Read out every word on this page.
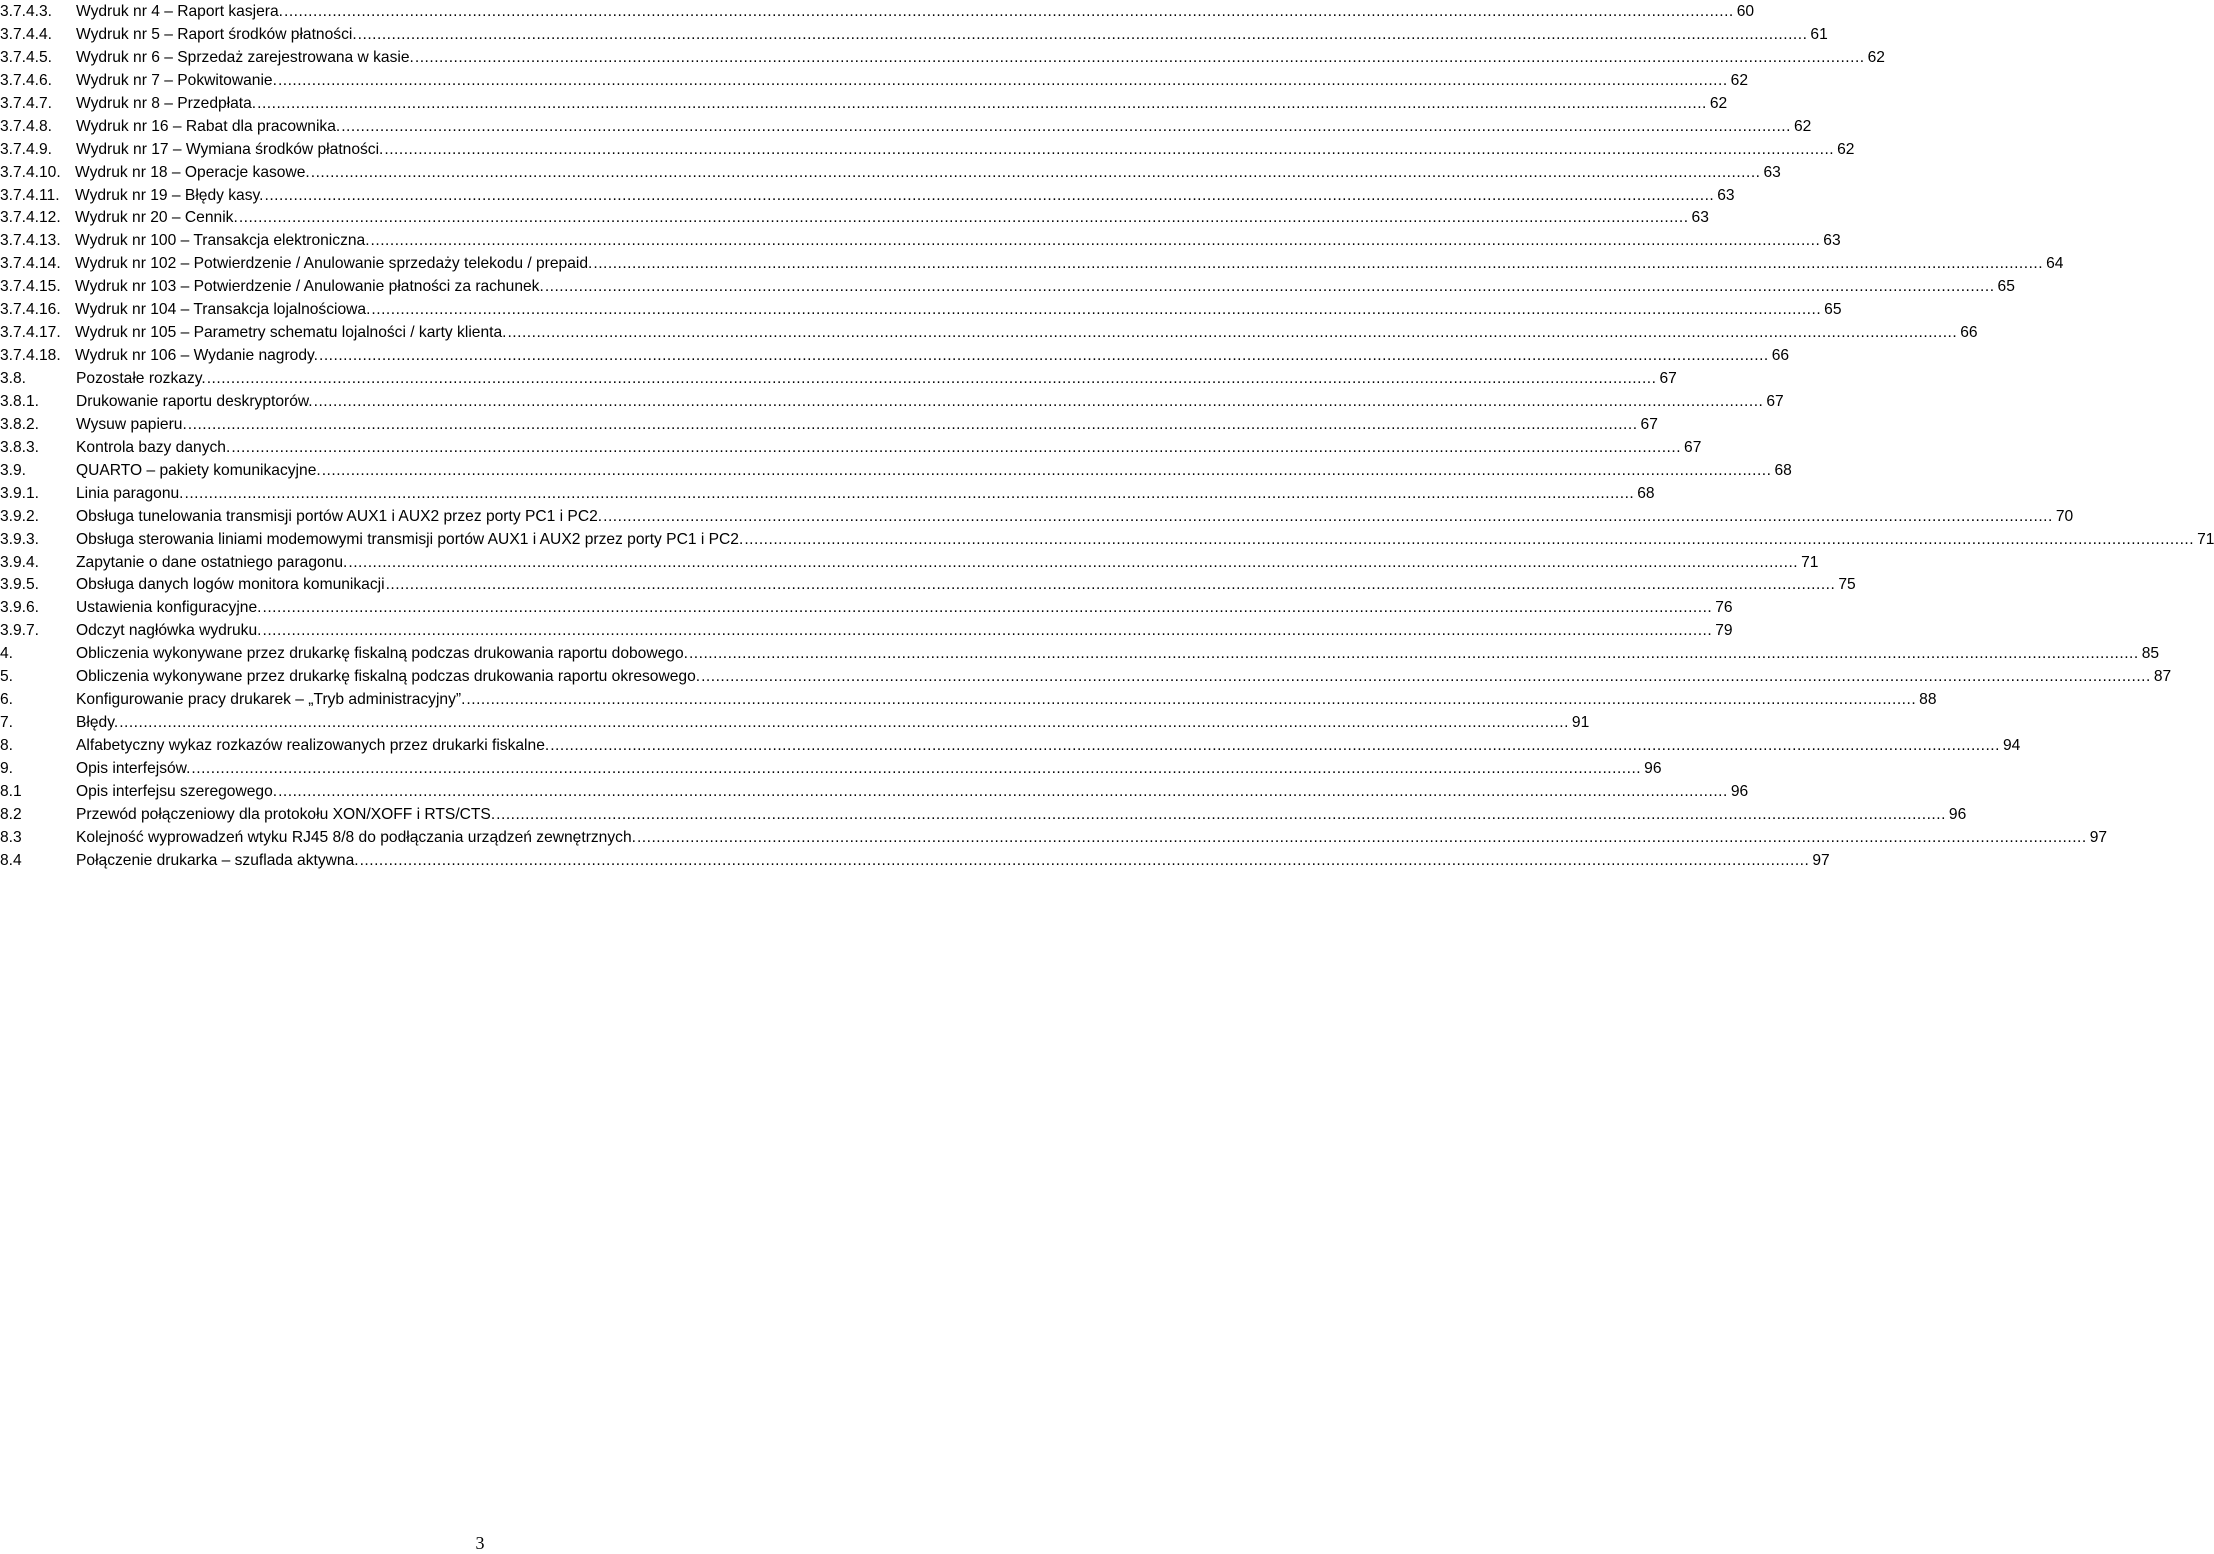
3.7.4.3. Wydruk nr 4 – Raport kasjera. ............................................................................................................................................................................................................................................................................................................ 60
3.7.4.4. Wydruk nr 5 – Raport środków płatności. ............................................................................................................................................................................................................................................................................................................ 61
3.7.4.5. Wydruk nr 6 – Sprzedaż zarejestrowana w kasie. ............................................................................................................................................................................................................................................................................................................ 62
3.7.4.6. Wydruk nr 7 – Pokwitowanie. ............................................................................................................................................................................................................................................................................................................ 62
3.7.4.7. Wydruk nr 8 – Przedpłata. ............................................................................................................................................................................................................................................................................................................ 62
3.7.4.8. Wydruk nr 16 – Rabat dla pracownika. ............................................................................................................................................................................................................................................................................................................ 62
3.7.4.9. Wydruk nr 17 – Wymiana środków płatności. ............................................................................................................................................................................................................................................................................................................ 62
3.7.4.10. Wydruk nr 18 – Operacje kasowe. ............................................................................................................................................................................................................................................................................................................ 63
3.7.4.11. Wydruk nr 19 – Błędy kasy. ............................................................................................................................................................................................................................................................................................................ 63
3.7.4.12. Wydruk nr 20 – Cennik. ............................................................................................................................................................................................................................................................................................................ 63
3.7.4.13. Wydruk nr 100 – Transakcja elektroniczna. ............................................................................................................................................................................................................................................................................................................ 63
3.7.4.14. Wydruk nr 102 – Potwierdzenie / Anulowanie sprzedaży telekodu / prepaid. ............................................................................................................................................................................................................................................................................................................ 64
3.7.4.15. Wydruk nr 103 – Potwierdzenie / Anulowanie płatności za rachunek. ............................................................................................................................................................................................................................................................................................................ 65
3.7.4.16. Wydruk nr 104 – Transakcja lojalnościowa. ............................................................................................................................................................................................................................................................................................................ 65
3.7.4.17. Wydruk nr 105 – Parametry schematu lojalności / karty klienta. ............................................................................................................................................................................................................................................................................................................ 66
3.7.4.18. Wydruk nr 106 – Wydanie nagrody. ............................................................................................................................................................................................................................................................................................................ 66
3.8.	Pozostałe rozkazy. ............................................................................................................................................................................................................................................................................................................ 67
3.8.1. Drukowanie raportu deskryptorów. ............................................................................................................................................................................................................................................................................................................ 67
3.8.2. Wysuw papieru. ............................................................................................................................................................................................................................................................................................................ 67
3.8.3. Kontrola bazy danych. ............................................................................................................................................................................................................................................................................................................ 67
3.9.	QUARTO – pakiety komunikacyjne. ............................................................................................................................................................................................................................................................................................................ 68
3.9.1. Linia paragonu. ............................................................................................................................................................................................................................................................................................................ 68
3.9.2. Obsługa tunelowania transmisji portów AUX1 i AUX2 przez porty PC1 i PC2. ............................................................................................................................................................................................................................................................................................................ 70
3.9.3. Obsługa sterowania liniami modemowymi transmisji portów AUX1 i AUX2 przez porty PC1 i PC2. ............................................................................................................................................................................................................................................................................................................ 71
3.9.4. Zapytanie o dane ostatniego paragonu. ............................................................................................................................................................................................................................................................................................................ 71
3.9.5. Obsługa danych logów monitora komunikacji ............................................................................................................................................................................................................................................................................................................ 75
3.9.6. Ustawienia konfiguracyjne. ............................................................................................................................................................................................................................................................................................................ 76
3.9.7. Odczyt nagłówka wydruku. ............................................................................................................................................................................................................................................................................................................ 79
4.	Obliczenia wykonywane przez drukarkę fiskalną podczas drukowania raportu dobowego. ............................................................................................................................................................................................................................................................................................................ 85
5.	Obliczenia wykonywane przez drukarkę fiskalną podczas drukowania raportu okresowego. ............................................................................................................................................................................................................................................................................................................ 87
6.	Konfigurowanie pracy drukarek – „Tryb administracyjny”. ............................................................................................................................................................................................................................................................................................................ 88
7.	Błędy. ............................................................................................................................................................................................................................................................................................................ 91
8.	Alfabetyczny wykaz rozkazów realizowanych przez drukarki fiskalne. ............................................................................................................................................................................................................................................................................................................ 94
9.	Opis interfejsów. ............................................................................................................................................................................................................................................................................................................ 96
8.1	Opis interfejsu szeregowego. ............................................................................................................................................................................................................................................................................................................ 96
8.2	Przewód połączeniowy dla protokołu XON/XOFF i RTS/CTS. ............................................................................................................................................................................................................................................................................................................ 96
8.3	Kolejność wyprowadzeń wtyku RJ45 8/8 do podłączania urządzeń zewnętrznych. ............................................................................................................................................................................................................................................................................................................ 97
8.4	Połączenie drukarka – szuflada aktywna. ............................................................................................................................................................................................................................................................................................................ 97
3
